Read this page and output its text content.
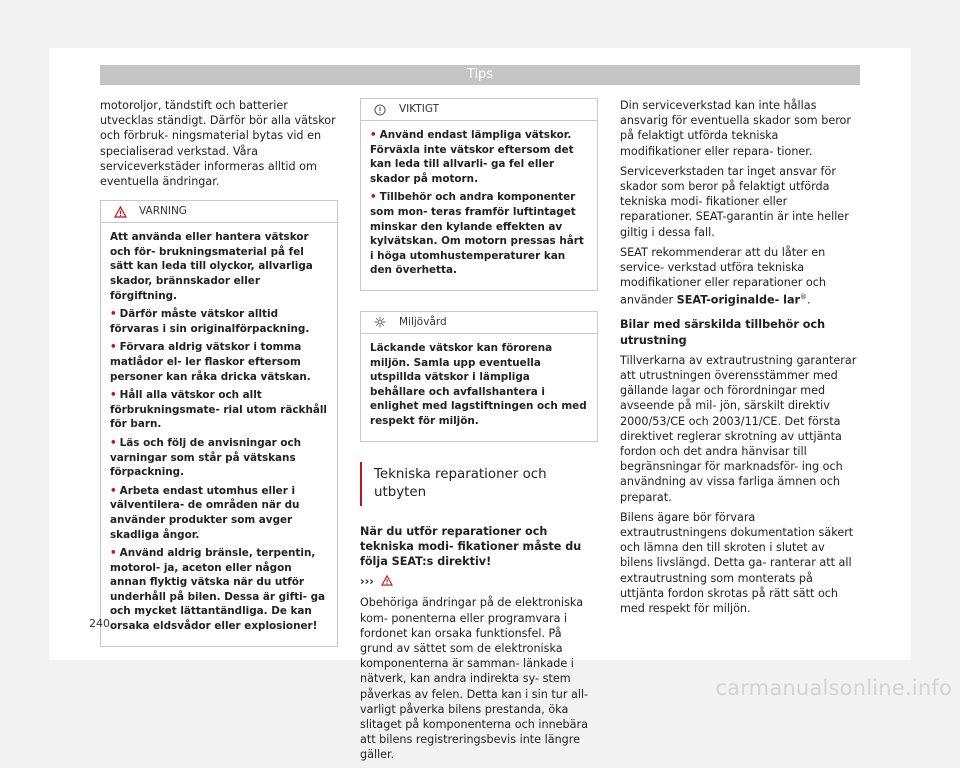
Tips

motoroljor, tändstift och batterier utvecklas ständigt. Därför bör alla vätskor och förbruk- ningsmaterial bytas vid en specialiserad verkstad. Våra serviceverkstäder informeras alltid om eventuella ändringar.

VARNING

Att använda eller hantera vätskor och för- brukningsmaterial på fel sätt kan leda till olyckor, allvarliga skador, brännskador eller förgiftning.

• Därför måste vätskor alltid förvaras i sin originalförpackning.

• Förvara aldrig vätskor i tomma matlådor el- ler flaskor eftersom personer kan råka dricka vätskan.

• Håll alla vätskor och allt förbrukningsmate- rial utom räckhåll för barn.

• Läs och följ de anvisningar och varningar som står på vätskans förpackning.

• Arbeta endast utomhus eller i välventilera- de områden när du använder produkter som avger skadliga ångor.

• Använd aldrig bränsle, terpentin, motorol- ja, aceton eller någon annan flyktig vätska när du utför underhåll på bilen. Dessa är gifti- ga och mycket lättantändliga. De kan orsaka eldsvådor eller explosioner!

VIKTIGT

• Använd endast lämpliga vätskor. Förväxla inte vätskor eftersom det kan leda till allvarli- ga fel eller skador på motorn.

• Tillbehör och andra komponenter som mon- teras framför luftintaget minskar den kylande effekten av kylvätskan. Om motorn pressas hårt i höga utomhustemperaturer kan den överhetta.

Miljövård

Läckande vätskor kan förorena miljön. Samla upp eventuella utspillda vätskor i lämpliga behållare och avfallshantera i enlighet med lagstiftningen och med respekt för miljön.

Tekniska reparationer och utbyten

När du utför reparationer och tekniska modi- fikationer måste du följa SEAT:s direktiv!

›››

Obehöriga ändringar på de elektroniska kom- ponenterna eller programvara i fordonet kan orsaka funktionsfel. På grund av sättet som de elektroniska komponenterna är samman- länkade i nätverk, kan andra indirekta sy- stem påverkas av felen. Detta kan i sin tur all- varligt påverka bilens prestanda, öka slitaget på komponenterna och innebära att bilens registreringsbevis inte längre gäller.

Din serviceverkstad kan inte hållas ansvarig för eventuella skador som beror på felaktigt utförda tekniska modifikationer eller repara- tioner.

Serviceverkstaden tar inget ansvar för skador som beror på felaktigt utförda tekniska modi- fikationer eller reparationer. SEAT-garantin är inte heller giltig i dessa fall.

SEAT rekommenderar att du låter en service- verkstad utföra tekniska modifikationer eller reparationer och använder SEAT-originalde- lar®.

Bilar med särskilda tillbehör och utrustning

Tillverkarna av extrautrustning garanterar att utrustningen överensstämmer med gällande lagar och förordningar med avseende på mil- jön, särskilt direktiv 2000/53/CE och 2003/11/CE. Det första direktivet reglerar skrotning av uttjänta fordon och det andra hänvisar till begränsningar för marknadsför- ing och användning av vissa farliga ämnen och preparat.

Bilens ägare bör förvara extrautrustningens dokumentation säkert och lämna den till skroten i slutet av bilens livslängd. Detta ga- ranterar att all extrautrustning som monterats på uttjänta fordon skrotas på rätt sätt och med respekt för miljön.

240
carmanualsonline.info
